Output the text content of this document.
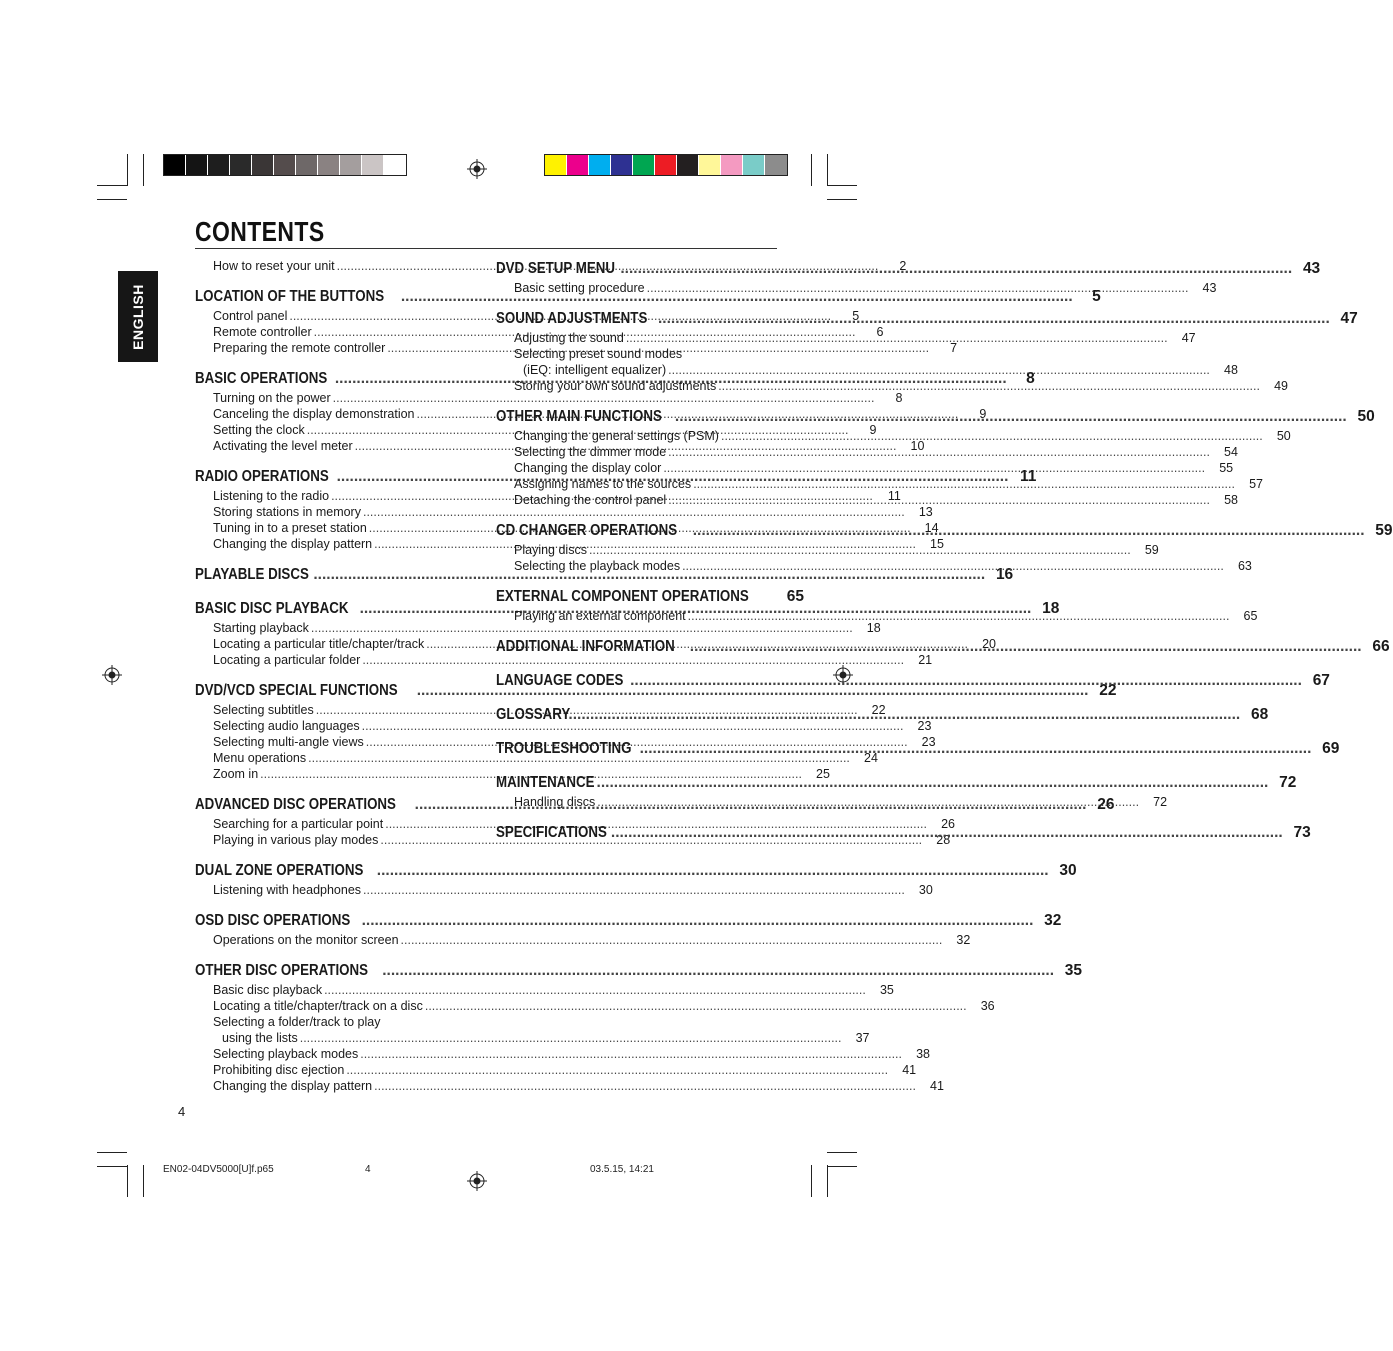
CONTENTS
ENGLISH
How to reset your unit .....	2
LOCATION OF THE BUTTONS .....	5
Control panel .....	5
Remote controller .....	6
Preparing the remote controller .....	7
BASIC OPERATIONS .....	8
Turning on the power .....	8
Canceling the display demonstration .....	9
Setting the clock .....	9
Activating the level meter .....	10
RADIO OPERATIONS .....	11
Listening to the radio .....	11
Storing stations in memory .....	13
Tuning in to a preset station .....	14
Changing the display pattern .....	15
PLAYABLE DISCS .....	16
BASIC DISC PLAYBACK .....	18
Starting playback .....	18
Locating a particular title/chapter/track .....	20
Locating a particular folder .....	21
DVD/VCD SPECIAL FUNCTIONS .....	22
Selecting subtitles .....	22
Selecting audio languages .....	23
Selecting multi-angle views .....	23
Menu operations .....	24
Zoom in .....	25
ADVANCED DISC OPERATIONS .....	26
Searching for a particular point .....	26
Playing in various play modes .....	28
DUAL ZONE OPERATIONS .....	30
Listening with headphones .....	30
OSD DISC OPERATIONS .....	32
Operations on the monitor screen .....	32
OTHER DISC OPERATIONS .....	35
Basic disc playback .....	35
Locating a title/chapter/track on a disc .....	36
Selecting a folder/track to play
using the lists .....	37
Selecting playback modes .....	38
Prohibiting disc ejection .....	41
Changing the display pattern .....	41
DVD SETUP MENU .....	43
Basic setting procedure .....	43
SOUND ADJUSTMENTS .....	47
Adjusting the sound .....	47
Selecting preset sound modes
(iEQ: intelligent equalizer) .....	48
Storing your own sound adjustments .....	49
OTHER MAIN FUNCTIONS .....	50
Changing the general settings (PSM) .....	50
Selecting the dimmer mode .....	54
Changing the display color .....	55
Assigning names to the sources .....	57
Detaching the control panel .....	58
CD CHANGER OPERATIONS .....	59
Playing discs .....	59
Selecting the playback modes .....	63
EXTERNAL COMPONENT OPERATIONS	65
Playing an external component .....	65
ADDITIONAL INFORMATION .....	66
LANGUAGE CODES .....	67
GLOSSARY .....	68
TROUBLESHOOTING .....	69
MAINTENANCE .....	72
Handling discs .....	72
SPECIFICATIONS .....	73
4
EN02-04DV5000[U]f.p65	4	03.5.15, 14:21
